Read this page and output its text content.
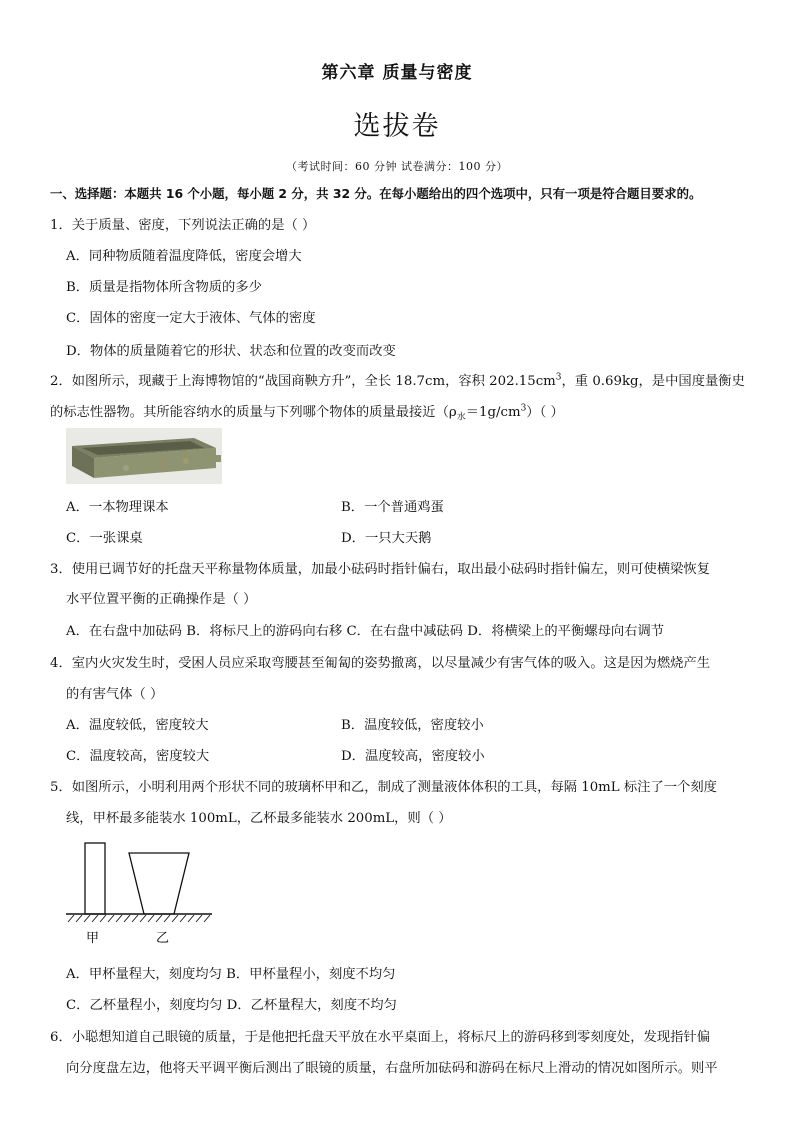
第六章 质量与密度
选拔卷
（考试时间：60 分钟 试卷满分：100 分）
一、选择题：本题共 16 个小题，每小题 2 分，共 32 分。在每小题给出的四个选项中，只有一项是符合题目要求的。
1．关于质量、密度，下列说法正确的是（ ）
A．同种物质随着温度降低，密度会增大
B．质量是指物体所含物质的多少
C．固体的密度一定大于液体、气体的密度
D．物体的质量随着它的形状、状态和位置的改变而改变
2．如图所示，现藏于上海博物馆的“战国商鞅方升”，全长 18.7cm，容积 $202.15cm^3$，重 0.69kg，是中国度量衡史
的标志性器物。其所能容纳水的质量与下列哪个物体的质量最接近$(\rho_水=1g/cm^3)$（ ）
A．一本物理课本	B．一个普通鸡蛋
C．一张课桌	D．一只大天鹅
3．使用已调节好的托盘天平称量物体质量，加最小砝码时指针偏右，取出最小砝码时指针偏左，则可使横梁恢复
水平位置平衡的正确操作是（ ）
A．在右盘中加砝码 B．将标尺上的游码向右移 C．在右盘中减砝码 D．将横梁上的平衡螺母向右调节
4．室内火灾发生时，受困人员应采取弯腰甚至匍匐的姿势撤离，以尽量减少有害气体的吸入。这是因为燃烧产生
的有害气体（ ）
A．温度较低，密度较大	B．温度较低，密度较小
C．温度较高，密度较大	D．温度较高，密度较小
5．如图所示，小明利用两个形状不同的玻璃杯甲和乙，制成了测量液体体积的工具，每隔 10mL 标注了一个刻度
线，甲杯最多能装水 100mL，乙杯最多能装水 200mL，则（ ）
甲	乙
A．甲杯量程大，刻度均匀 B．甲杯量程小，刻度不均匀
C．乙杯量程小，刻度均匀 D．乙杯量程大，刻度不均匀
6．小聪想知道自己眼镜的质量，于是他把托盘天平放在水平桌面上，将标尺上的游码移到零刻度处，发现指针偏
向分度盘左边，他将天平调平衡后测出了眼镜的质量，右盘所加砝码和游码在标尺上滑动的情况如图所示。则平
